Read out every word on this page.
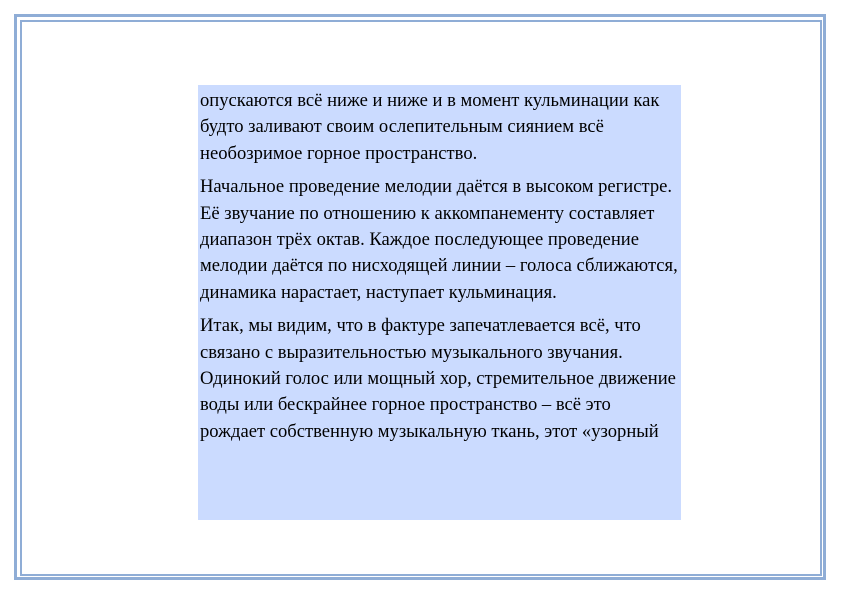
опускаются всё ниже и ниже и в момент кульминации как будто заливают своим ослепительным сиянием всё необозримое горное пространство.

Начальное проведение мелодии даётся в высоком регистре. Её звучание по отношению к аккомпанементу составляет диапазон трёх октав. Каждое последующее проведение мелодии даётся по нисходящей линии – голоса сближаются, динамика нарастает, наступает кульминация.

Итак, мы видим, что в фактуре запечатлевается всё, что связано с выразительностью музыкального звучания. Одинокий голос или мощный хор, стремительное движение воды или бескрайнее горное пространство – всё это рождает собственную музыкальную ткань, этот «узорный
